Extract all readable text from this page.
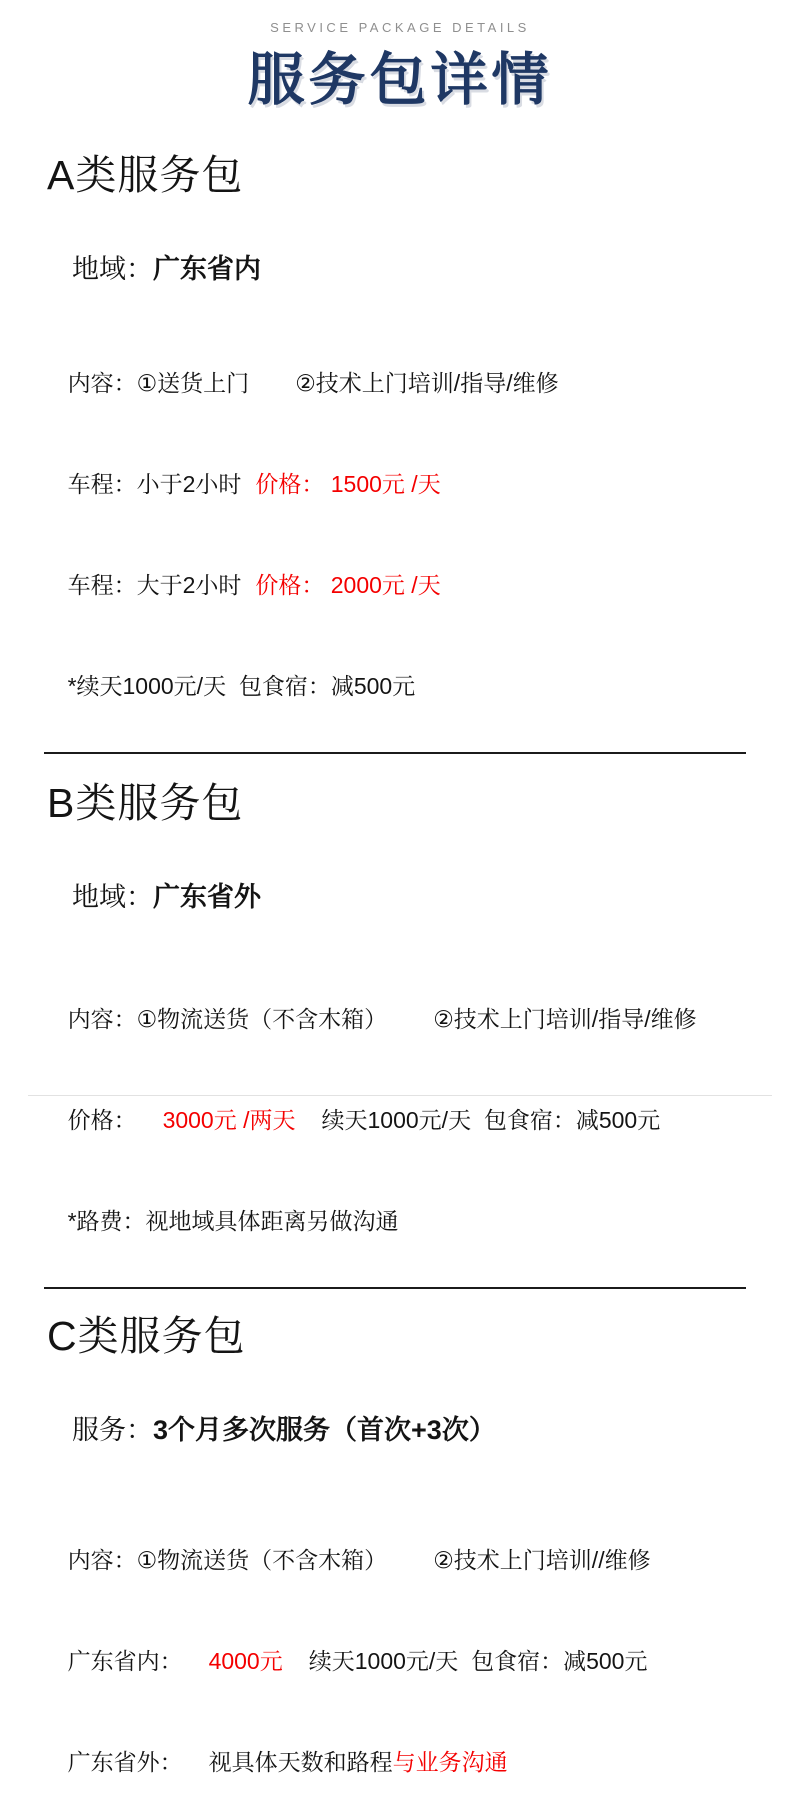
SERVICE PACKAGE DETAILS
服务包详情
A类服务包

地域：广东省内

内容：①送货上门 ②技术上门培训/指导/维修

车程：小于2小时 价格： 1500元 /天

车程：大于2小时 价格： 2000元 /天

*续天1000元/天  包食宿：减500元

B类服务包

地域：广东省外

内容：①物流送货（不含木箱） ②技术上门培训/指导/维修

价格： 3000元 /两天 续天1000元/天  包食宿：减500元

*路费：视地域具体距离另做沟通

C类服务包

服务：3个月多次服务（首次+3次）

内容：①物流送货（不含木箱） ②技术上门培训//维修

广东省内： 4000元 续天1000元/天  包食宿：减500元

广东省外： 视具体天数和路程与业务沟通
